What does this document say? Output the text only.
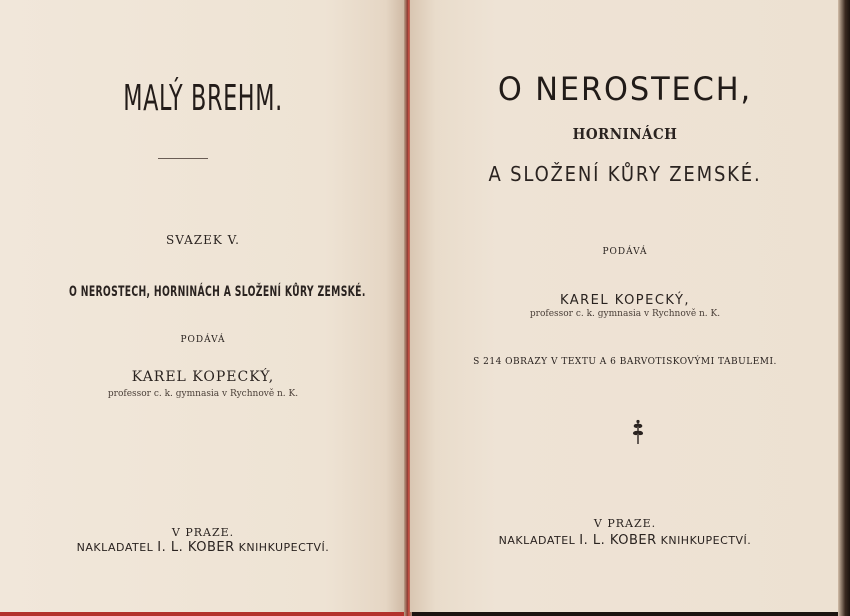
MALÝ BREHM.
SVAZEK V.
O NEROSTECH, HORNINÁCH A SLOŽENÍ KŮRY ZEMSKÉ.
PODÁVÁ
KAREL KOPECKÝ,
professor c. k. gymnasia v Rychnově n. K.
V PRAZE.
NAKLADATEL I. L. KOBER KNIHKUPECTVÍ.
O NEROSTECH,
HORNINÁCH
A SLOŽENÍ KŮRY ZEMSKÉ.
PODÁVÁ
KAREL KOPECKÝ,
professor c. k. gymnasia v Rychnově n. K.
S 214 OBRAZY V TEXTU A 6 BARVOTISKOVÝMI TABULEMI.
V PRAZE.
NAKLADATEL I. L. KOBER KNIHKUPECTVÍ.
